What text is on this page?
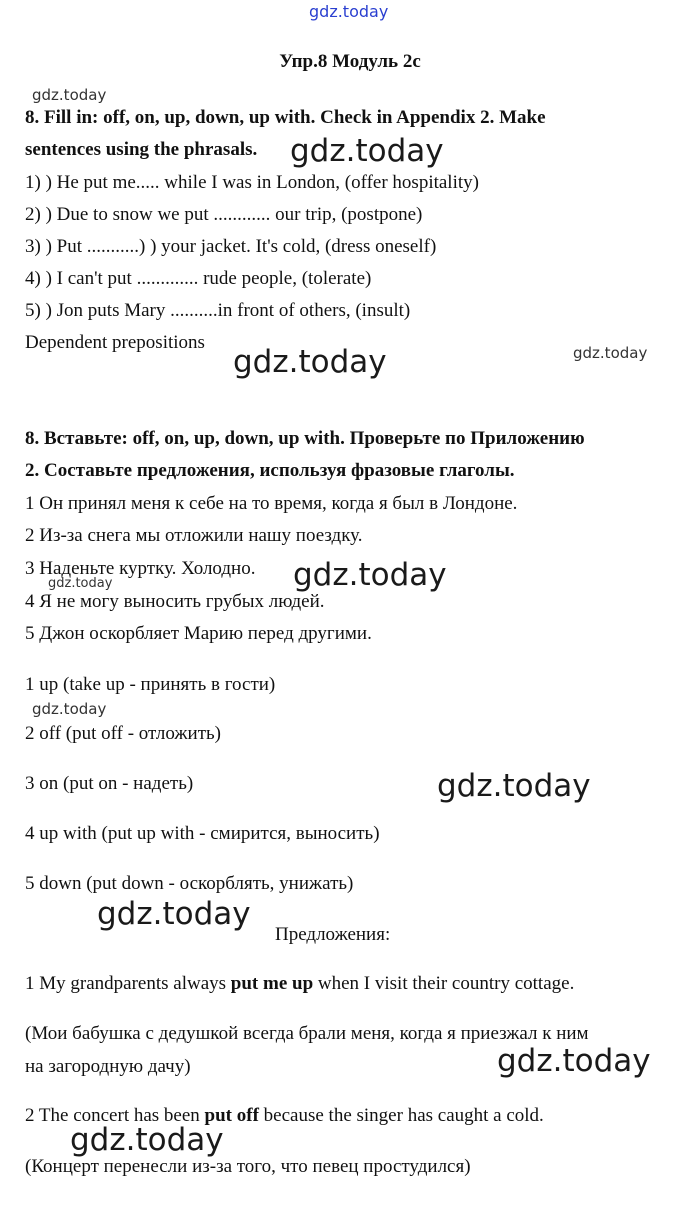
gdz.today
Упр.8 Модуль 2с
gdz.today
8. Fill in: off, on, up, down, up with. Check in Appendix 2. Make
sentences using the phrasals. gdz.today
1) ) He put me..... while I was in London, (offer hospitality)
2) ) Due to snow we put ............ our trip, (postpone)
3) ) Put ...........) ) your jacket. It's cold, (dress oneself)
4) ) I can't put ............. rude people, (tolerate)
5) ) Jon puts Mary ..........in front of others, (insult)
Dependent prepositions
gdz.today	gdz.today
8. Вставьте: off, on, up, down, up with. Проверьте по Приложению
2. Составьте предложения, используя фразовые глаголы.
1 Он принял меня к себе на то время, когда я был в Лондоне.
2 Из-за снега мы отложили нашу поездку.
3 Наденьте куртку. Холодно. gdz.today
gdz.today
4 Я не могу выносить грубых людей.
5 Джон оскорбляет Марию перед другими.
1 up (take up - принять в гости)
gdz.today
2 off (put off - отложить)
3 on (put on - надеть)	gdz.today
4 up with (put up with - смирится, выносить)
5 down (put down - оскорблять, унижать)
gdz.today
Предложения:
1 My grandparents always put me up when I visit their country cottage.
(Мои бабушка с дедушкой всегда брали меня, когда я приезжал к ним
на загородную дачу)	gdz.today
2 The concert has been put off because the singer has caught a cold.
gdz.today
(Концерт перенесли из-за того, что певец простудился)
